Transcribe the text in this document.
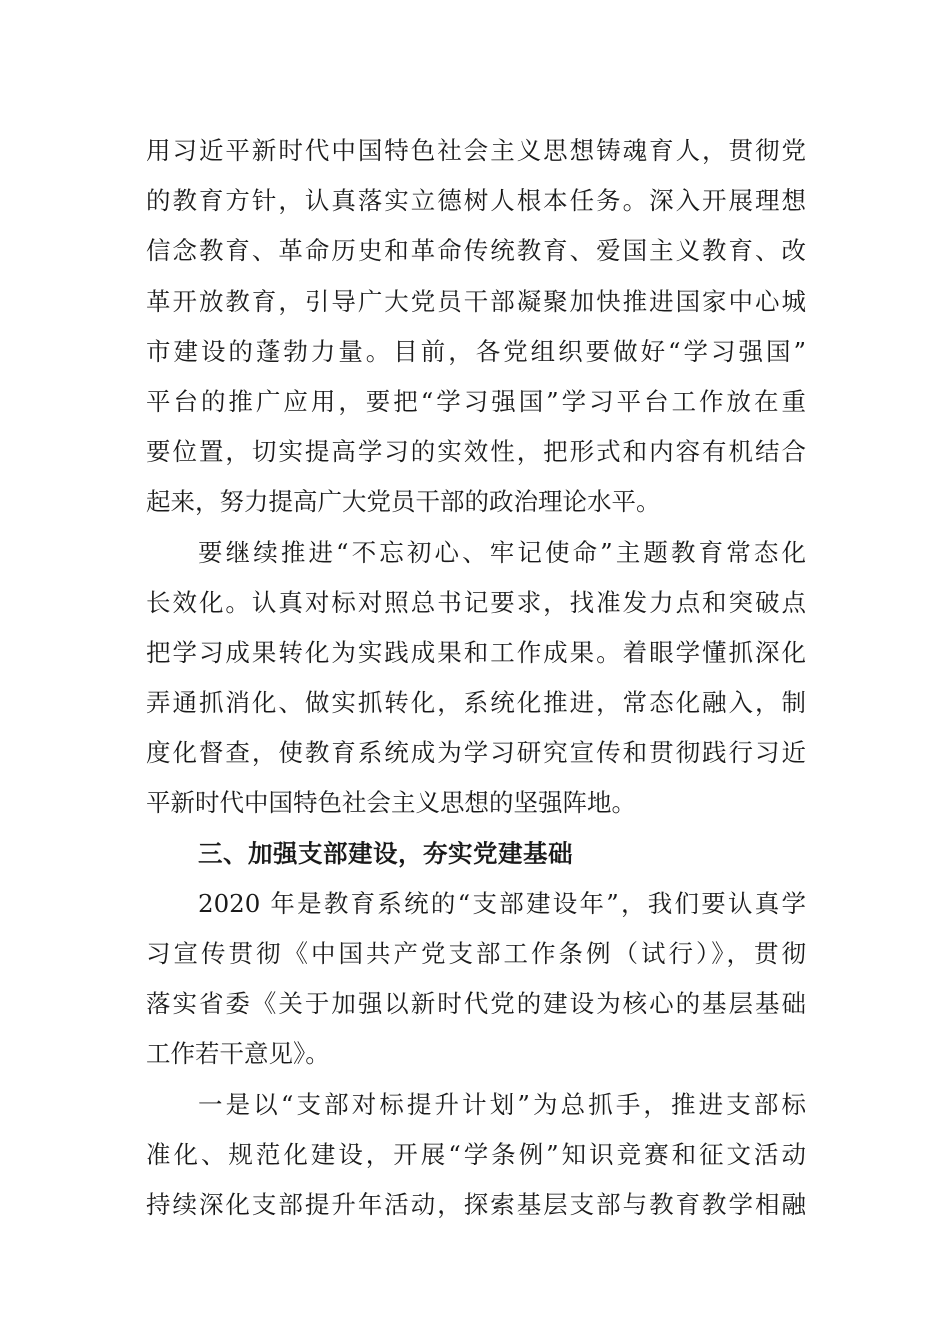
用习近平新时代中国特色社会主义思想铸魂育人，贯彻党
的教育方针，认真落实立德树人根本任务。深入开展理想
信念教育、革命历史和革命传统教育、爱国主义教育、改
革开放教育，引导广大党员干部凝聚加快推进国家中心城
市建设的蓬勃力量。目前，各党组织要做好“学习强国”
平台的推广应用，要把“学习强国”学习平台工作放在重
要位置，切实提高学习的实效性，把形式和内容有机结合
起来，努力提高广大党员干部的政治理论水平。
要继续推进“不忘初心、牢记使命”主题教育常态化
长效化。认真对标对照总书记要求，找准发力点和突破点
把学习成果转化为实践成果和工作成果。着眼学懂抓深化
弄通抓消化、做实抓转化，系统化推进，常态化融入，制
度化督查，使教育系统成为学习研究宣传和贯彻践行习近
平新时代中国特色社会主义思想的坚强阵地。
三、加强支部建设，夯实党建基础
2020 年是教育系统的“支部建设年”，我们要认真学
习宣传贯彻《中国共产党支部工作条例（试行）》，贯彻
落实省委《关于加强以新时代党的建设为核心的基层基础
工作若干意见》。
一是以“支部对标提升计划”为总抓手，推进支部标
准化、规范化建设，开展“学条例”知识竞赛和征文活动
持续深化支部提升年活动，探索基层支部与教育教学相融
